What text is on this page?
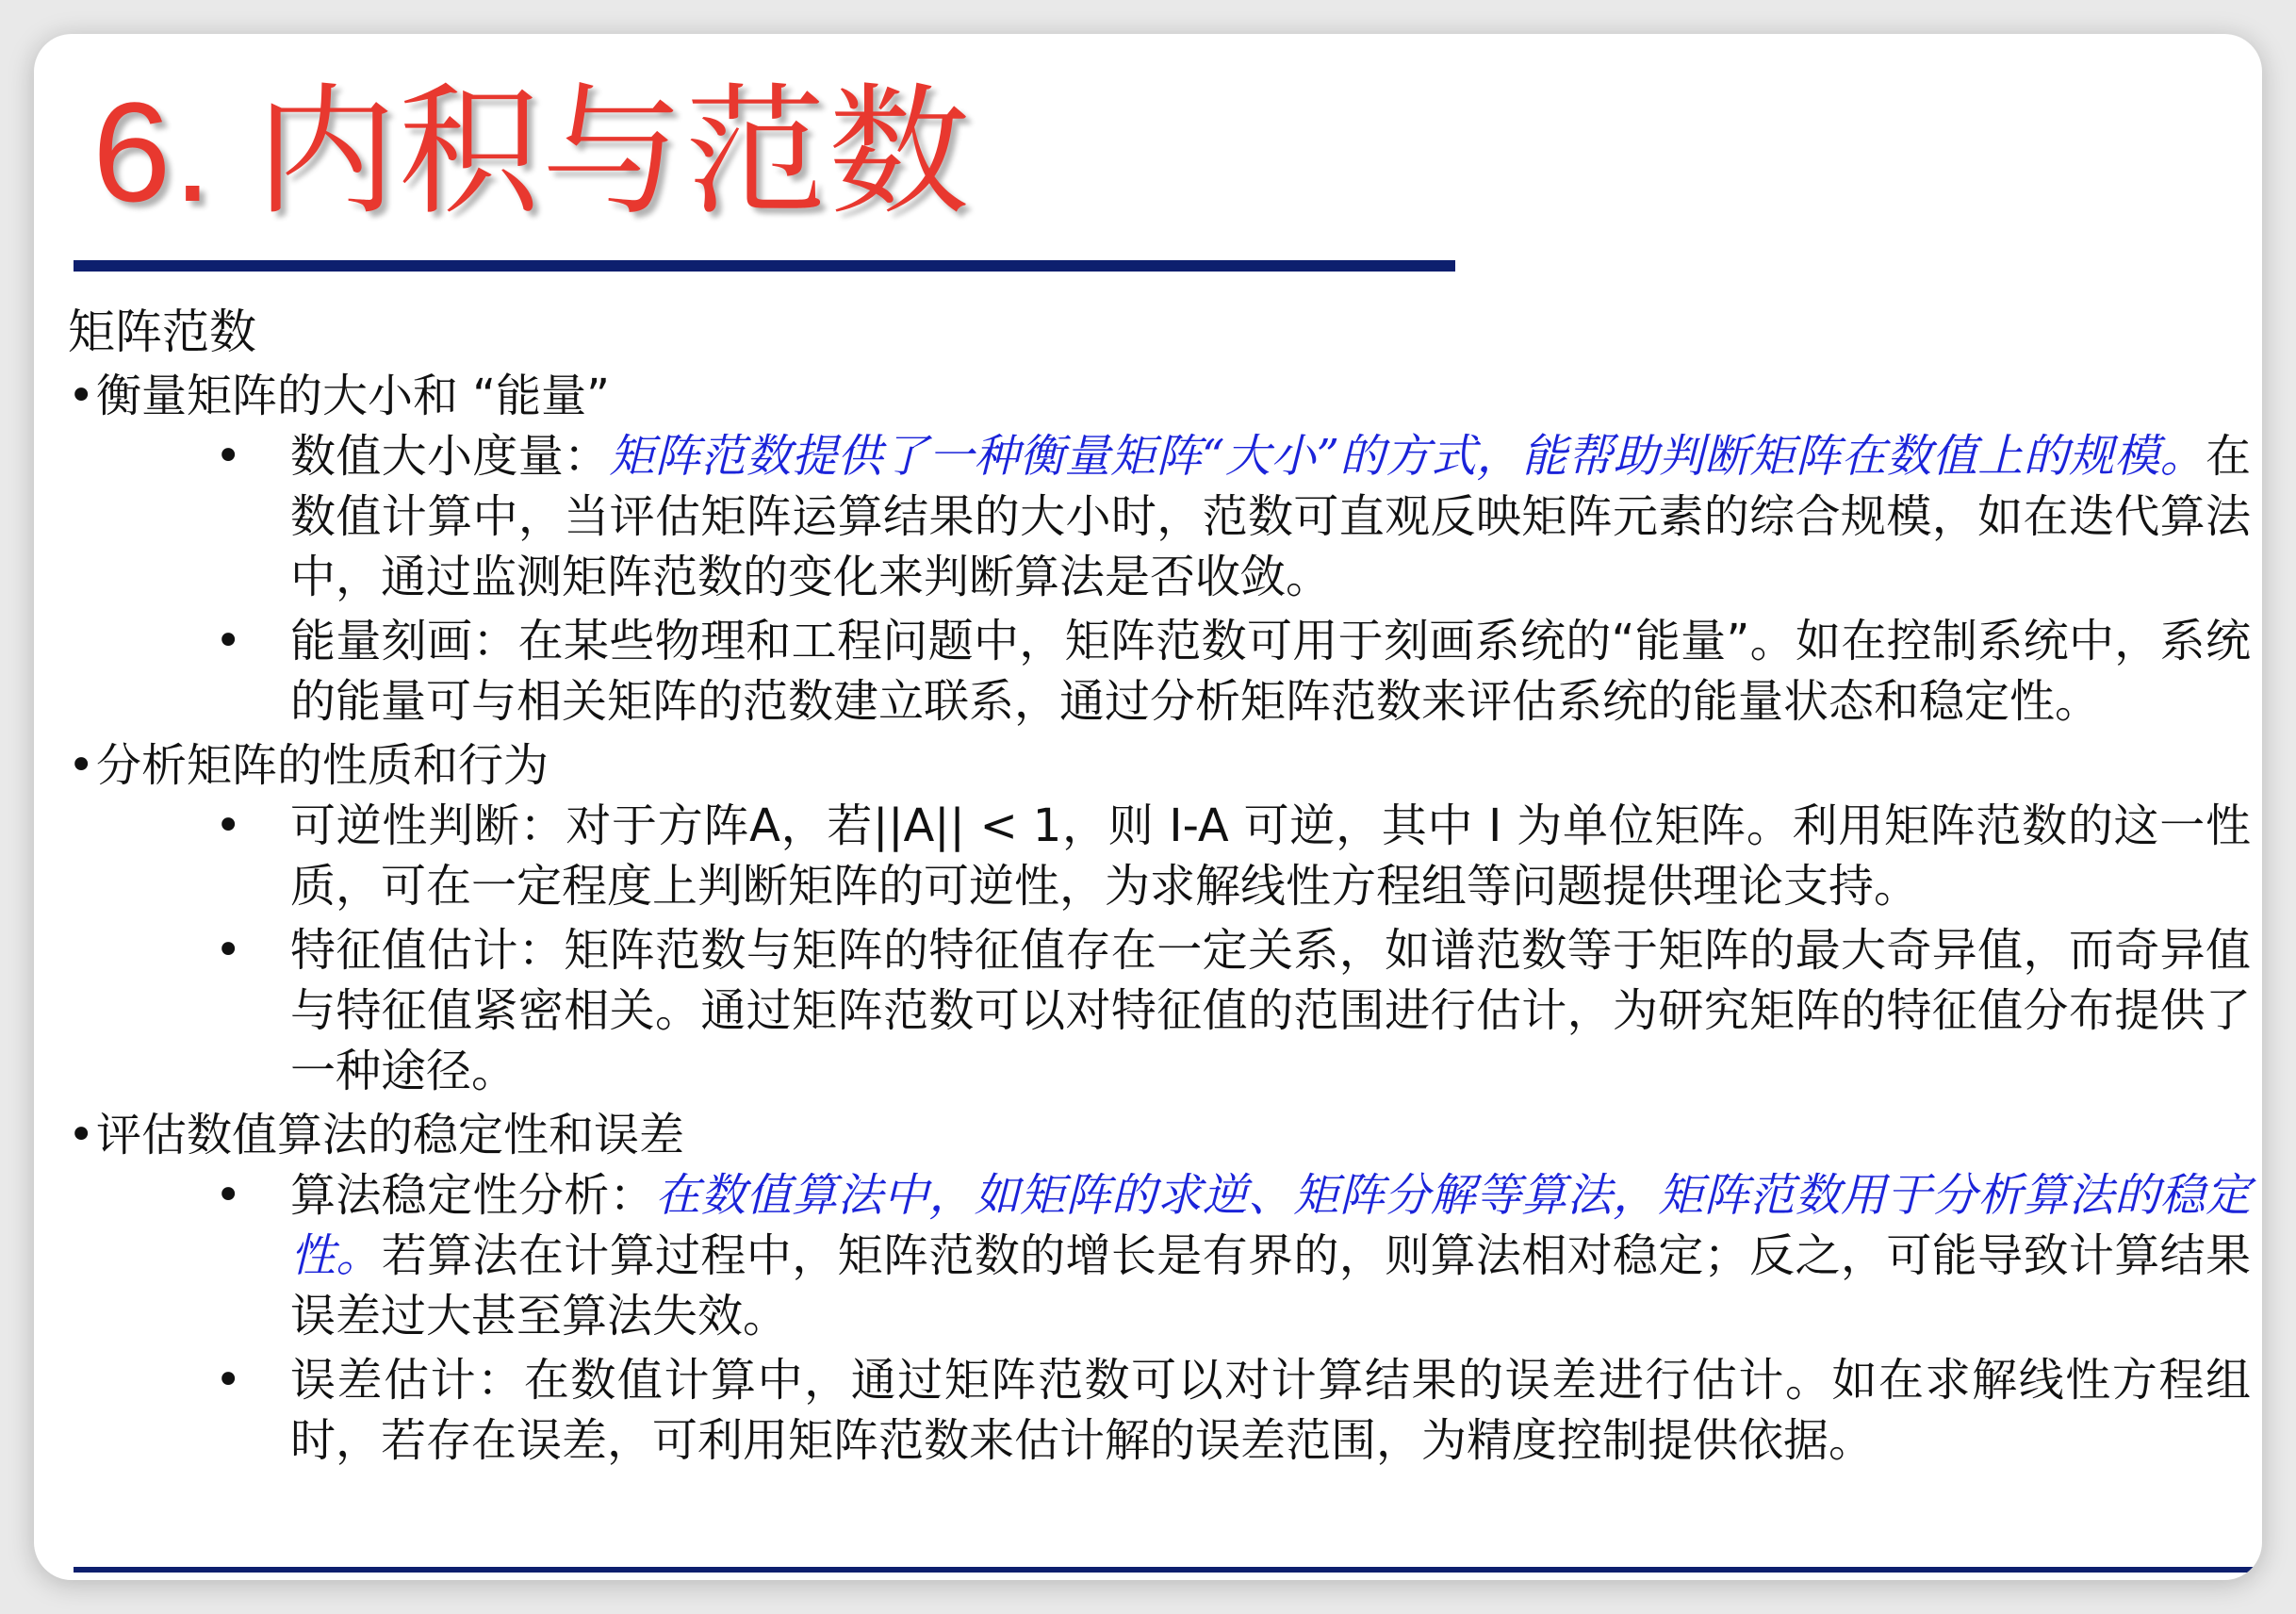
6. 内积与范数
矩阵范数
•衡量矩阵的大小和 “能量”
• 数值大小度量：矩阵范数提供了一种衡量矩阵“大小”的方式，能帮助判断矩阵在数值上的规模。在数值计算中，当评估矩阵运算结果的大小时，范数可直观反映矩阵元素的综合规模，如在迭代算法中，通过监测矩阵范数的变化来判断算法是否收敛。
• 能量刻画：在某些物理和工程问题中，矩阵范数可用于刻画系统的“能量”。如在控制系统中，系统的能量可与相关矩阵的范数建立联系，通过分析矩阵范数来评估系统的能量状态和稳定性。
•分析矩阵的性质和行为
• 可逆性判断：对于方阵A，若||A|| < 1，则 I-A 可逆，其中 I 为单位矩阵。利用矩阵范数的这一性质，可在一定程度上判断矩阵的可逆性，为求解线性方程组等问题提供理论支持。
• 特征值估计：矩阵范数与矩阵的特征值存在一定关系，如谱范数等于矩阵的最大奇异值，而奇异值与特征值紧密相关。通过矩阵范数可以对特征值的范围进行估计，为研究矩阵的特征值分布提供了一种途径。
•评估数值算法的稳定性和误差
• 算法稳定性分析：在数值算法中，如矩阵的求逆、矩阵分解等算法，矩阵范数用于分析算法的稳定性。若算法在计算过程中，矩阵范数的增长是有界的，则算法相对稳定；反之，可能导致计算结果误差过大甚至算法失效。
• 误差估计：在数值计算中，通过矩阵范数可以对计算结果的误差进行估计。如在求解线性方程组时，若存在误差，可利用矩阵范数来估计解的误差范围，为精度控制提供依据。
